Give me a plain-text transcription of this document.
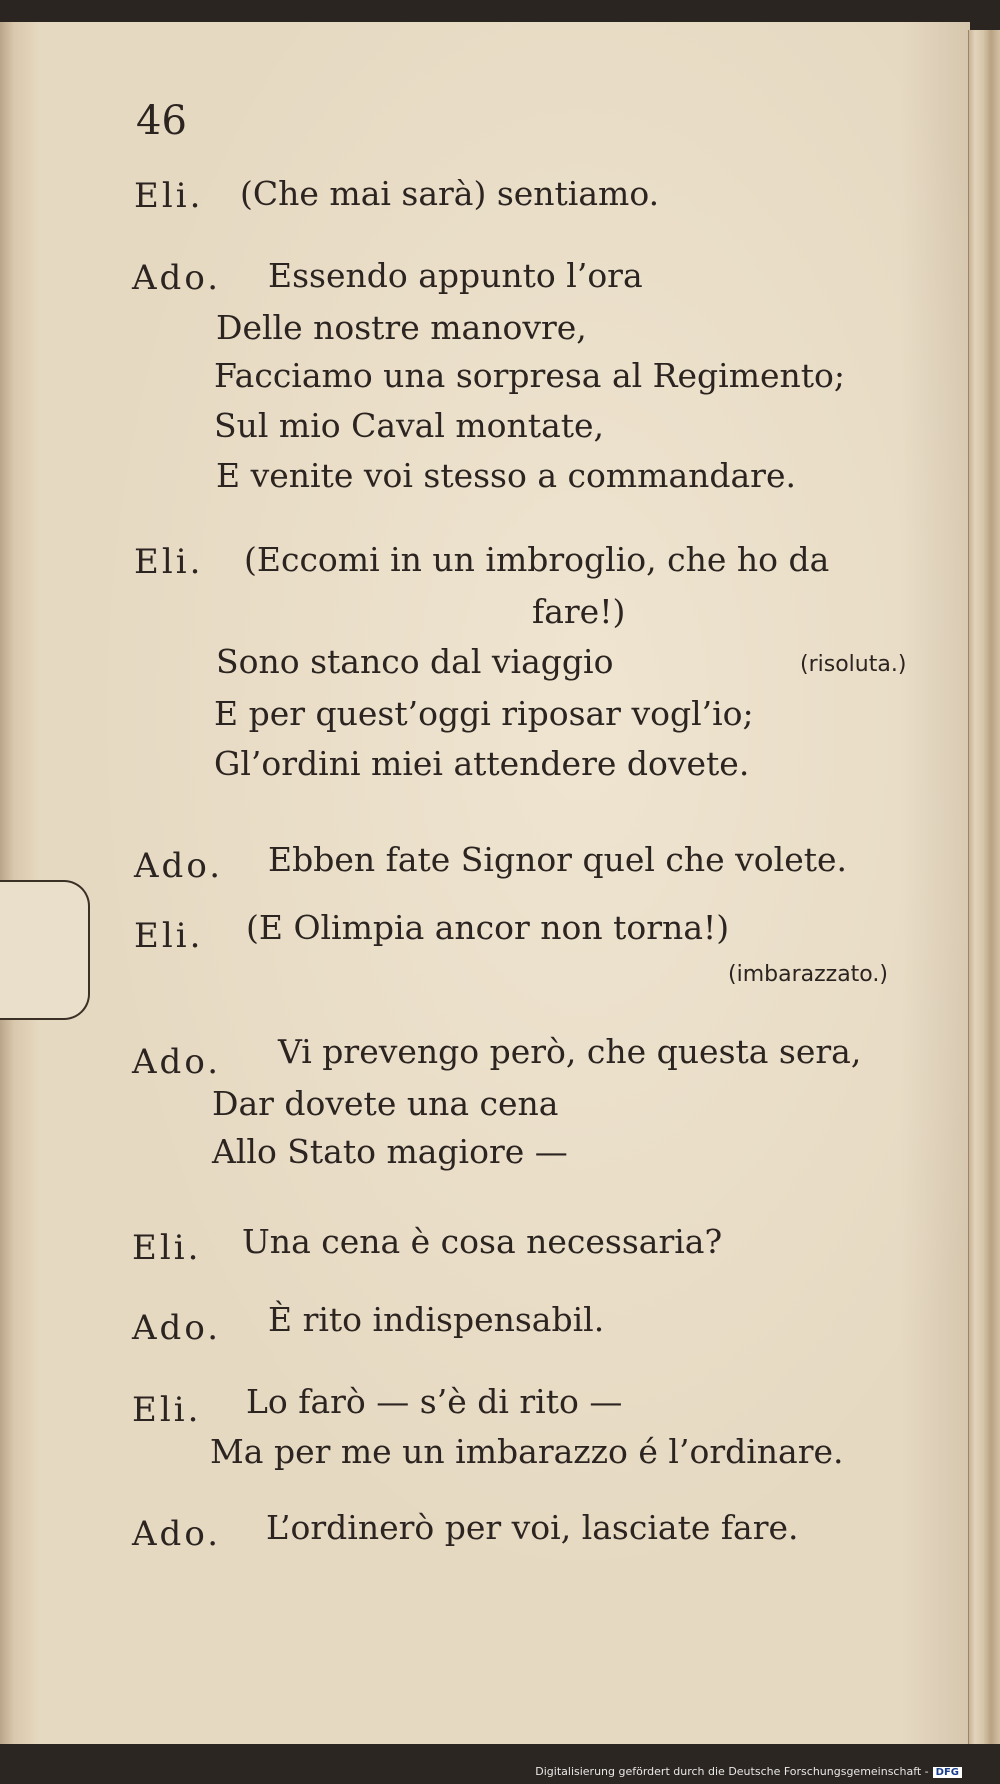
46
Eli. (Che mai sarà) sentiamo.
Ado. Essendo appunto l’ora
Delle nostre manovre,
Facciamo una sorpresa al Regimento;
Sul mio Caval montate,
E venite voi stesso a commandare.
Eli. (Eccomi in un imbroglio, che ho da
fare!)
Sono stanco dal viaggio	(risoluta.)
E per quest’oggi riposar vogl’io;
Gl’ordini miei attendere dovete.
Ado. Ebben fate Signor quel che volete.
Eli. (E Olimpia ancor non torna!)
(imbarazzato.)
Ado. Vi prevengo però, che questa sera,
Dar dovete una cena
Allo Stato magiore —
Eli. Una cena è cosa necessaria?
Ado. È rito indispensabil.
Eli. Lo farò — s’è di rito —
Ma per me un imbarazzo é l’ordinare.
Ado. L’ordinerò per voi, lasciate fare.
Digitalisierung gefördert durch die Deutsche Forschungsgemeinschaft - DFG
